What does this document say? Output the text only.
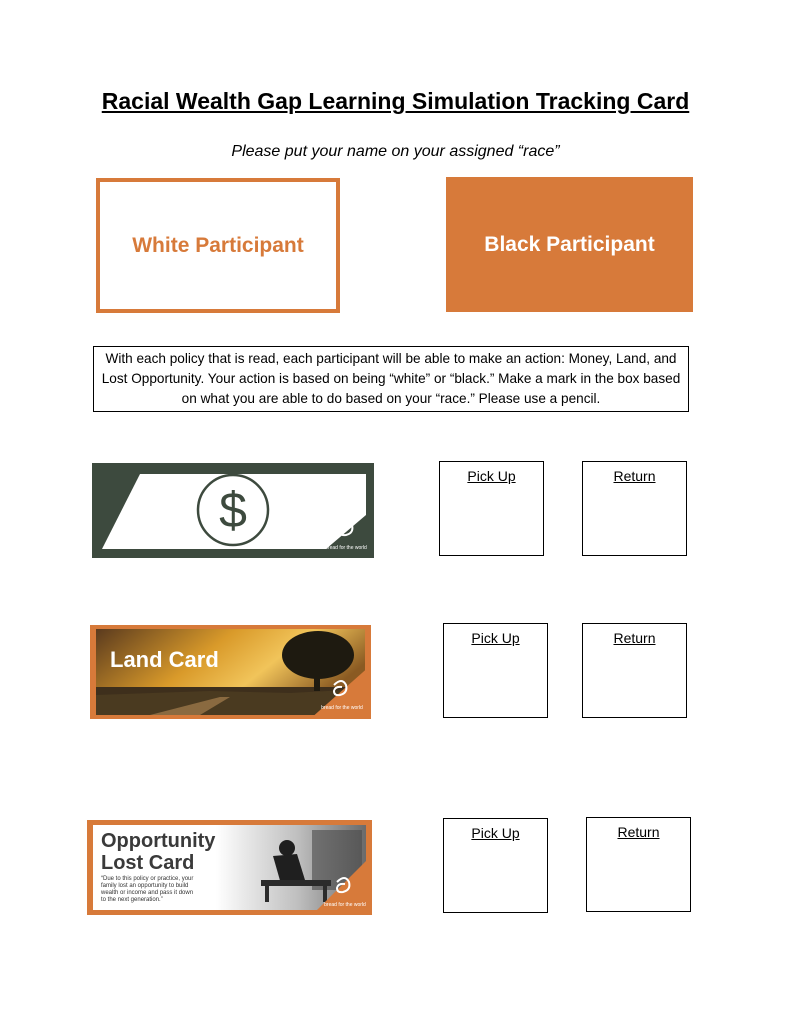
Racial Wealth Gap Learning Simulation Tracking Card
Please put your name on your assigned “race”
White Participant	Black Participant
With each policy that is read, each participant will be able to make an action: Money, Land, and Lost Opportunity. Your action is based on being “white” or “black.” Make a mark in the box based on what you are able to do based on your “race.” Please use a pencil.
$
bread for the world
bread for the world
Land Card
bread for the world
Opportunity
Lost Card
“Due to this policy or practice, your
family lost an opportunity to build
wealth or income and pass it down
to the next generation.”
Pick Up	Return
Pick Up	Return
Pick Up	Return
